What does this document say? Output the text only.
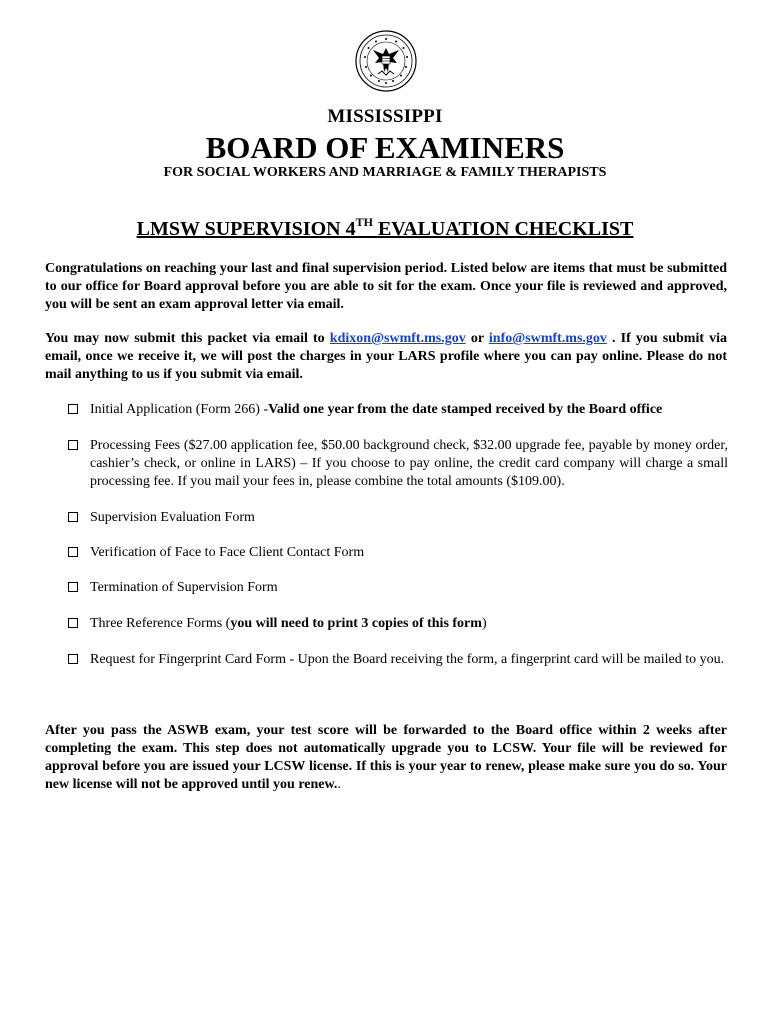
MISSISSIPPI
BOARD OF EXAMINERS
FOR SOCIAL WORKERS AND MARRIAGE & FAMILY THERAPISTS
LMSW SUPERVISION 4TH EVALUATION CHECKLIST
Congratulations on reaching your last and final supervision period. Listed below are items that must be submitted to our office for Board approval before you are able to sit for the exam. Once your file is reviewed and approved, you will be sent an exam approval letter via email.
You may now submit this packet via email to kdixon@swmft.ms.gov or info@swmft.ms.gov . If you submit via email, once we receive it, we will post the charges in your LARS profile where you can pay online. Please do not mail anything to us if you submit via email.
Initial Application (Form 266) -Valid one year from the date stamped received by the Board office
Processing Fees ($27.00 application fee, $50.00 background check, $32.00 upgrade fee, payable by money order, cashier’s check, or online in LARS) – If you choose to pay online, the credit card company will charge a small processing fee. If you mail your fees in, please combine the total amounts ($109.00).
Supervision Evaluation Form
Verification of Face to Face Client Contact Form
Termination of Supervision Form
Three Reference Forms (you will need to print 3 copies of this form)
Request for Fingerprint Card Form - Upon the Board receiving the form, a fingerprint card will be mailed to you.
After you pass the ASWB exam, your test score will be forwarded to the Board office within 2 weeks after completing the exam. This step does not automatically upgrade you to LCSW. Your file will be reviewed for approval before you are issued your LCSW license. If this is your year to renew, please make sure you do so. Your new license will not be approved until you renew..
